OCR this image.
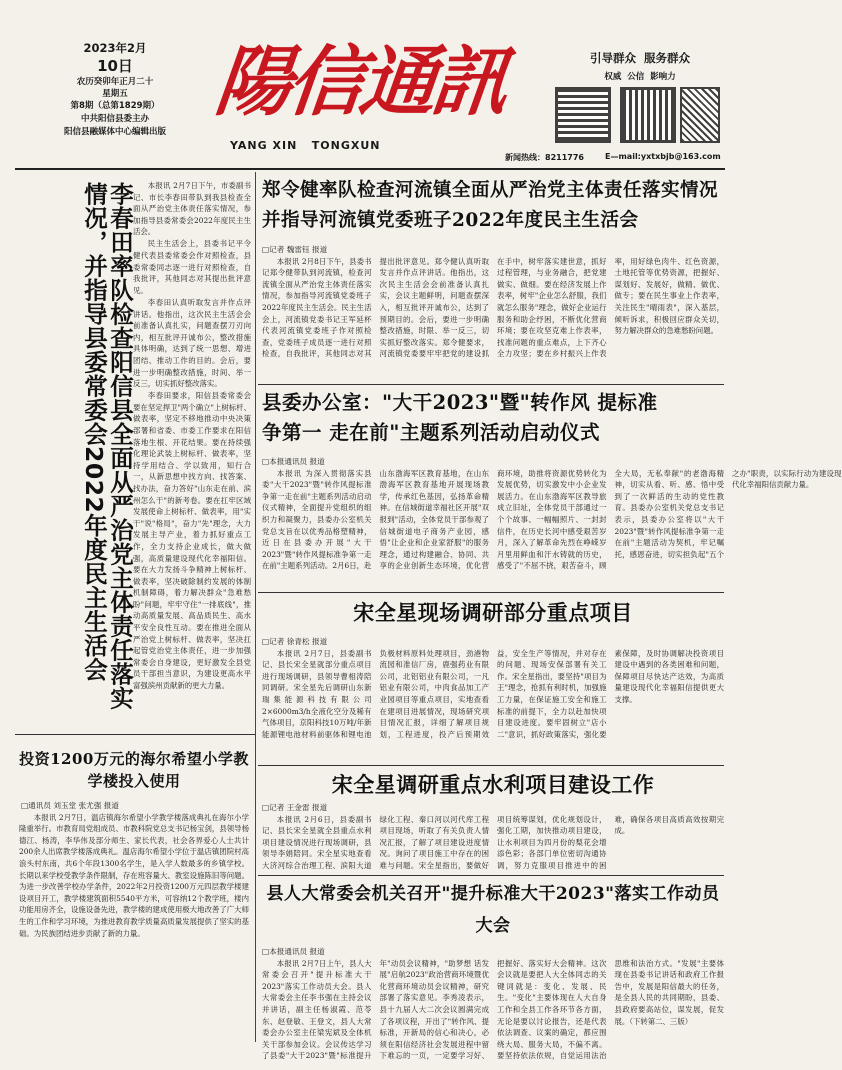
2023年2月
10日
农历癸卯年正月二十
星期五
第8期（总第1829期）
中共阳信县委主办
阳信县融媒体中心编辑出版
陽信通訊
YANG XIN   TONGXUN
引导群众  服务群众
权威  公信  影响力
新闻热线：8211776	E—mail:yxtxbjb@163.com
李春田率队检查阳信县全面从严治党主体责任落实情况，并指导县委常委会2022年度民主生活会	本报讯 2月7日下午，市委副书记、市长李春田带队到我县检查全面从严治党主体责任落实情况，参加指导县委常委会2022年度民主生活会。

民主生活会上，县委书记平令健代表县委常委会作对照检查，县委常委同志逐一进行对照检查，自我批评，其他同志对其提出批评意见。

李春田认真听取发言并作点评讲话。他指出，这次民主生活会会前准备认真扎实，问题查摆刀刃向内，相互批评开诚布公，整改措施具体明确，达到了统一思想、增进团结、推动工作的目的。会后，要进一步明确整改措施，时间、举一反三，切实抓好整改落实。

李春田要求，阳信县委常委会要在坚定捍卫"两个确立"上树标杆、做表率，坚定不移地推动中央决策部署和省委、市委工作要求在阳信落地生根、开花结果。要在持续强化理论武装上树标杆、做表率，坚持学用结合、学以致用，知行合一，从新思想中找方向、找答案、找办法，奋力答好"山东走在前、滨州怎么干"的新考卷。要在扛牢区域发展使命上树标杆、做表率，用"实干"说"格局"，奋力"先"理念，大力发展主导产业，着力抓好重点工作，全力支持企业成长，做大做强，高质量建设现代化幸福阳信。要在大力发扬斗争精神上树标杆、做表率，坚决破除制约发展的体制机制障碍，着力解决群众"急难愁盼"问题，牢牢守住"一排底线"，推动高质量发展、高品质民生、高水平安全良性互动。要在推进全面从严治党上树标杆、做表率，坚决扛起管党治党主体责任，进一步加强常委会自身建设，更好激发全县党员干部担当意识，为建设更高水平富强滨州贡献新的更大力量。

投资1200万元的海尔希望小学教学楼投入使用
□通讯员 刘玉堂 张尤强 报道

本报讯 2月7日，温店镇海尔希望小学教学楼落成典礼在海尔小学隆重举行。市教育局党组成员、市教科院党总支书记杨宝剑，县领导杨德江、杨涛，李华伟及部分师生、家长代表，社会各界爱心人士共计200余人出席教学楼落成典礼。温店海尔希望小学位于温店镇团院村高浪头村东南，共6个年段1300名学生，是入学人数最多的乡镇学校。长期以来学校受教学条件限制，存在班容量大、教室设施陈旧等问题。为进一步改善学校办学条件，2022年2月投资1200万元四层教学楼建设项目开工，教学楼建筑面积5540平方米，可容纳12个教学班，楼内功能用房齐全，设施设备先进，教学楼的建成使用极大地改善了广大师生的工作和学习环境，为推进教育教学质量高质量发展提供了坚实的基础。为民族团结进步贡献了新的力量。

郑令健率队检查河流镇全面从严治党主体责任落实情况
并指导河流镇党委班子2022年度民主生活会
□记者 魏雷钰 报道

本报讯 2月8日下午，县委书记郑令健带队到河流镇，检查河流镇全面从严治党主体责任落实情况，参加指导河流镇党委班子2022年度民主生活会。民主生活会上，河流镇党委书记王军延杯代表河流镇党委班子作对照检查，党委班子成员逐一进行对照检查，自我批评，其他同志对其提出批评意见。郑令健认真听取发言并作点评讲话。他指出，这次民主生活会会前准备认真扎实，会议主题鲜明，问题查摆深入，相互批评开诚布公，达到了预期目的。会后，要进一步明确整改措施，时限、举一反三，切实抓好整改落实。郑令健要求，河流镇党委要牢牢把党的建设抓在手中，树牢落实建世意，抓好过程管理，与业务融合，把党建做实、做细。要在经济发展上作表率，树牢"企业怎么舒服，我们就怎么服务"理念，做好企业运行服务和助企纾困，不断优化营商环境；要在攻坚克难上作表率，找准问题的重点难点，上下齐心全力攻坚；要在乡村振兴上作表率，用好绿色肉牛、红色资源，土地托管等优势资源，把握好、谋划好、发展好，做精、做优、做专；要在民生事业上作表率，关注民生"晴雨表"，深入基层，倾听诉求，积极回应群众关切，努力解决群众的急难愁盼问题。

县委办公室："大干2023"暨"转作风 提标准
争第一 走在前"主题系列活动启动仪式
□本报通讯员 报道

本报讯 为深入贯彻落实县委"大干2023"暨"转作风提标准争第一走在前"主题系列活动启动仪式精神，全面提升党组织的组织力和凝聚力，县委办公室机关党总支旨在以优秀品格塑精神，近日在县委办开展"大干2023"暨"转作风提标准争第一走在前"主题系列活动。2月6日，赴山东渤海军区教育基地，在山东渤海军区教育基地开展现场教学，传承红色基因，弘扬革命精神。在信城街道幸福社区开展"双报到"活动，全体党员干部参观了信城街道电子商务产业园，感悟"让企业和企业家舒服"的服务理念，通过构建融合、协同、共享的企业创新生态环境，优化营商环境，助推将资源优势转化为发展优势，切实激发中小企业发展活力。在山东渤海军区教导旅成立旧址，全体党员干部通过一个个故事、一幅幅照片、一封封信件，在历史长河中感受艰苦岁月，深入了解革命先烈在峥嵘岁月里用鲜血和汗水铸就的历史，感受了"不屈不挠，艰苦奋斗，顾全大局，无私奉献"的老渤海精神，切实从看、听、感、悟中受到了一次鲜活的生动的党性教育。县委办公室机关党总支书记表示，县委办公室将以"大干2023"暨"转作风提标准争第一走在前"主题活动为契机，牢记嘱托，感恩奋进，切实担负起"五个之办"职责，以实际行动为建设现代化幸福阳信贡献力量。

宋全星现场调研部分重点项目
□记者 徐青松 报道

本报讯 2月7日，县委副书记、县长宋全星就部分重点项目进行现场调研，县领导曹相涛陪同调研。宋全星先后调研山东新瑞集能源科技有限公司2×6000m3/h全液化空分及稀有气体项目，京阳科技10万吨/年新能源锂电池材料前驱体和锂电池负极材料原料处理项目，劲港物流园和准信厂房，鹿强药业有限公司，北铝铝业有限公司，一凡铝业有限公司，中肉食品加工产业园项目等重点项目，实地查看在建项目进展情况，现场研究项目情况汇报，详细了解项目规划，工程进度，投产后预期效益，安全生产等情况，并对存在的问题、现场安保部署有关工作。宋全星指出，要坚持"项目为王"理念，抢抓有利时机，加强施工力量，在保证施工安全和施工标准的前提下，全力以赴加快项目建设进度。要牢固树立"店小二"意识，抓好政策落实，强化要素保障，及时协调解决投资项目建设中遇到的各类困难和问题，保障项目尽快达产达效，为高质量建设现代化幸福阳信提供更大支撑。

宋全星调研重点水利项目建设工作
□记者 王金雷 报道

本报讯 2月6日，县委副书记、县长宋全星就全县重点水利项目建设情况进行现场调研，县领导李娟陪同。宋全星实地查看大济河综合治理工程、滨阳大道绿化工程、秦口河以河代库工程项目现场，听取了有关负责人情况汇报，了解了项目建设进度情况。询问了项目施工中存在的困难与问题。宋全星指出，要做好项目统筹谋划，优化规划设计，强化工期，加快推动项目建设，让水利项目为四月份的梨花会增添色彩；各部门单位密切沟通协调，努力克服项目推进中的困难，确保各项目高质高效按期完成。

县人大常委会机关召开"提升标准大干2023"落实工作动员大会
□本报通讯员 报道

本报讯 2月7日上午，县人大常委会召开"提升标准大干2023"落实工作动员大会。县人大常委会主任李书强在主持会议并讲话，副主任杨淑霞、范苓东、赵登敏、王登文，县人大常委会办公室主任梁宪斌及全体机关干部参加会议。会议传达学习了县委"大干2023"暨"标准提升年"动员会议精神，"助梦想 话发展"启航2023"政治营商环境暨优化营商环境动员会议精神，研究部署了落实意见。李秀凌表示，县十九届人大二次会议圆满完成了各项议程，开出了"转作风、提标准，开新局的信心和决心，必须在阳信经济社会发展进程中留下难忘的一页，一定要学习好、把握好、落实好大会精神。这次会议就是要把人大全体同志的关键词就是：变化、发展、民生。"变化"主要体现在人大自身工作和全县工作各环节各方面，无论是要以讨论报告，还是代表依法调查、议案的确定，都应围绕大局、服务大局，不偏不离。要坚持依法依规，自觉运用法治思维和法治方式。"发展"主要体现在县委书记讲话和政府工作报告中，发展是阳信最大的任务，是全县人民的共同期盼，县委、县政府要高站位，谋发展，促发展。（下转第二、三版）
